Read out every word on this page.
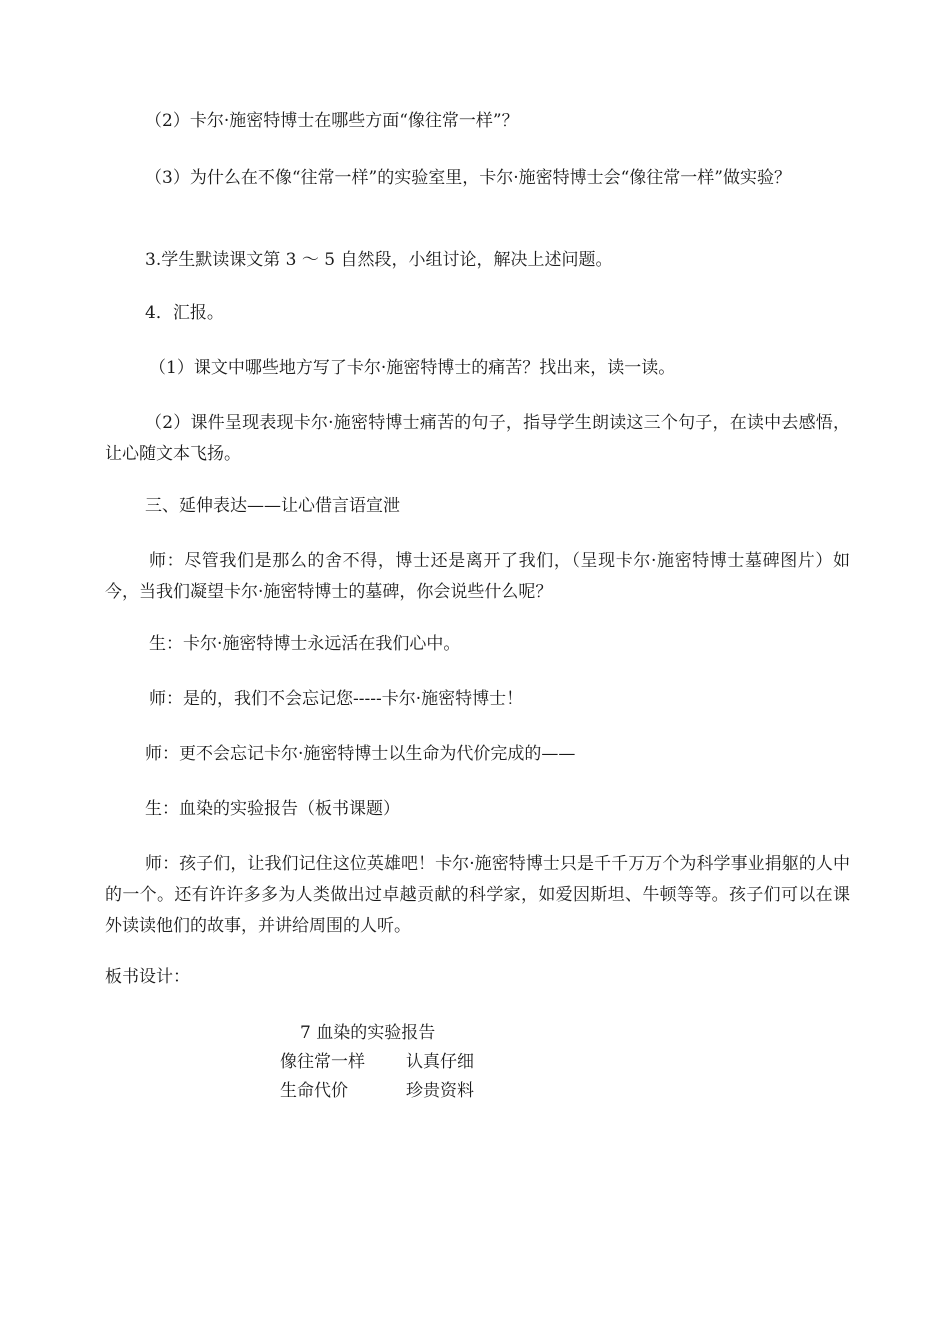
（2）卡尔·施密特博士在哪些方面“像往常一样”？

（3）为什么在不像“往常一样”的实验室里，卡尔·施密特博士会“像往常一样”做实验？

3.学生默读课文第 3 ～ 5 自然段，小组讨论，解决上述问题。

4．汇报。

（1）课文中哪些地方写了卡尔·施密特博士的痛苦？找出来，读一读。

（2）课件呈现表现卡尔·施密特博士痛苦的句子，指导学生朗读这三个句子，在读中去感悟，让心随文本飞扬。

三、延伸表达——让心借言语宣泄

师：尽管我们是那么的舍不得，博士还是离开了我们，（呈现卡尔·施密特博士墓碑图片）如今，当我们凝望卡尔·施密特博士的墓碑，你会说些什么呢？

生：卡尔·施密特博士永远活在我们心中。

师：是的，我们不会忘记您-----卡尔·施密特博士！

师：更不会忘记卡尔·施密特博士以生命为代价完成的——

生：血染的实验报告（板书课题）

师：孩子们，让我们记住这位英雄吧！卡尔·施密特博士只是千千万万个为科学事业捐躯的人中的一个。还有许许多多为人类做出过卓越贡献的科学家，如爱因斯坦、牛顿等等。孩子们可以在课外读读他们的故事，并讲给周围的人听。

板书设计：

7 血染的实验报告
像往常一样 认真仔细
生命代价	珍贵资料
